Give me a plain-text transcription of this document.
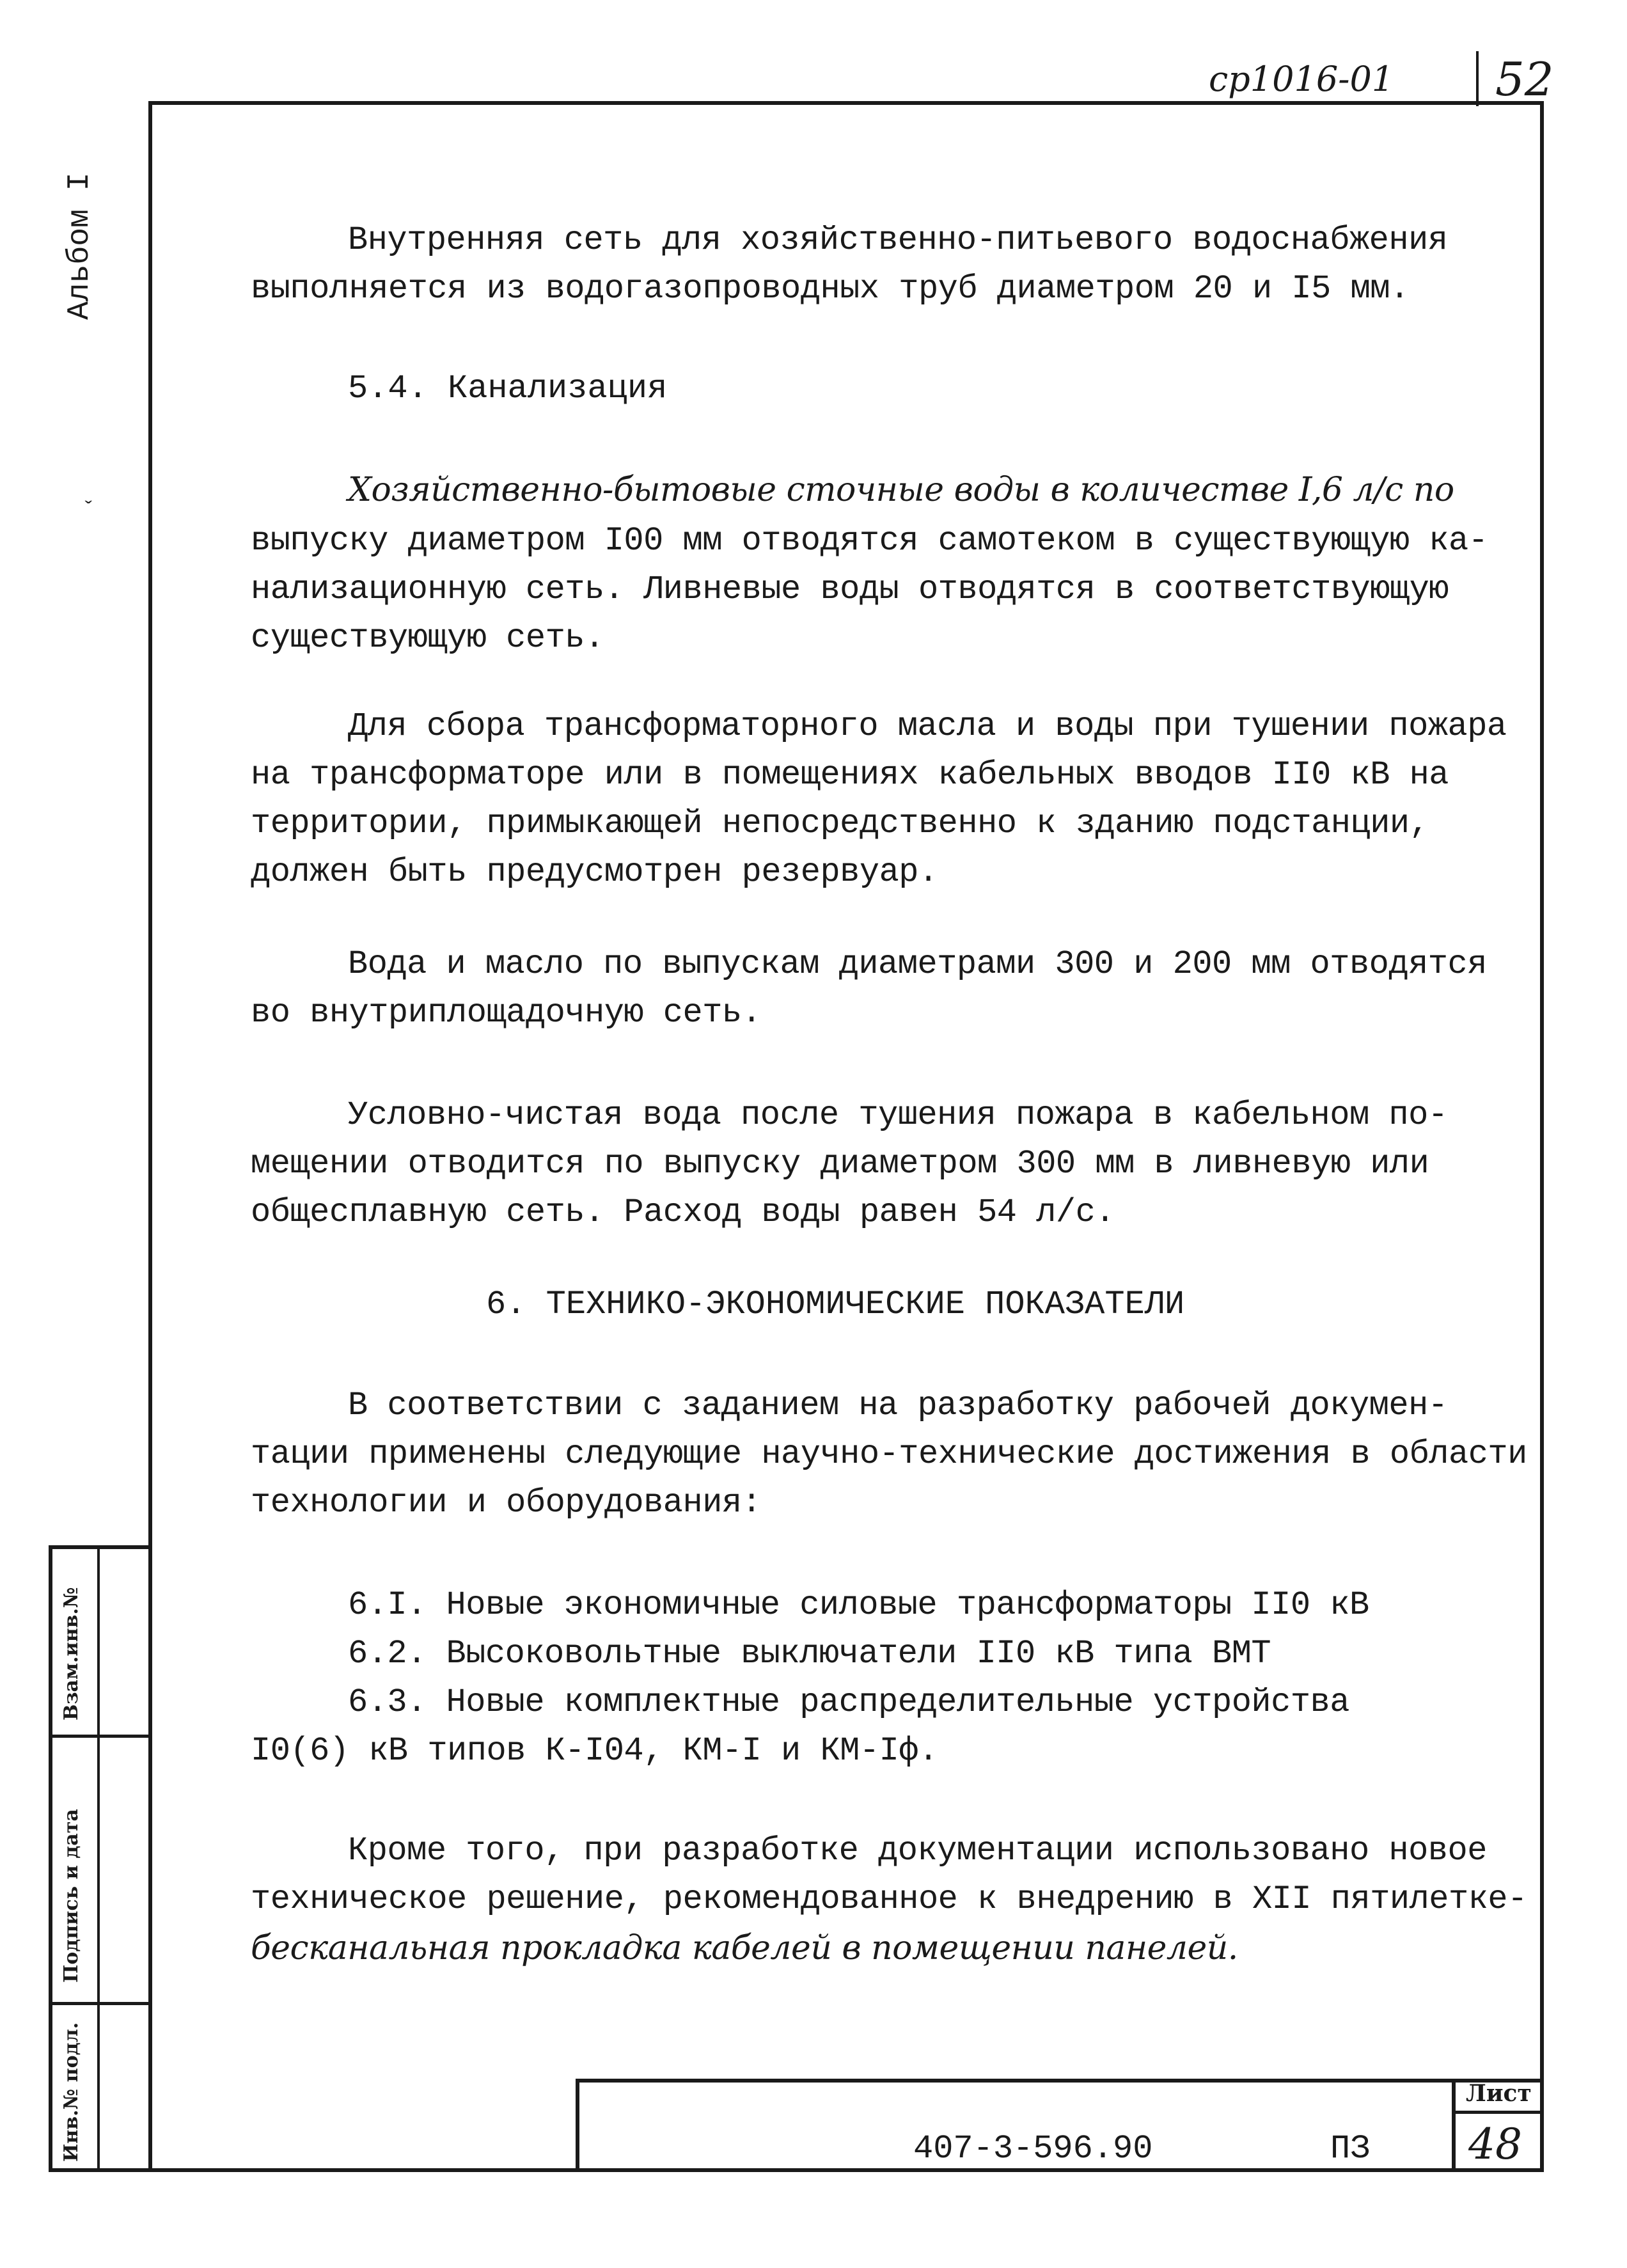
ср1016-01 52
Альбом I
ˇ
Внутренняя сеть для хозяйственно-питьевого водоснабжения
выполняется из водогазопроводных труб диаметром 20 и I5 мм.
5.4. Канализация
Хозяйственно-бытовые сточные воды в количестве I,6 л/с по
выпуску диаметром I00 мм отводятся самотеком в существующую ка-
нализационную сеть. Ливневые воды отводятся в соответствующую
существующую сеть.
Для сбора трансформаторного масла и воды при тушении пожара
на трансформаторе или в помещениях кабельных вводов II0 кВ на
территории, примыкающей непосредственно к зданию подстанции,
должен быть предусмотрен резервуар.
Вода и масло по выпускам диаметрами 300 и 200 мм отводятся
во внутриплощадочную сеть.
Условно-чистая вода после тушения пожара в кабельном по-
мещении отводится по выпуску диаметром 300 мм в ливневую или
общесплавную сеть. Расход воды равен 54 л/с.
6. ТЕХНИКО-ЭКОНОМИЧЕСКИЕ ПОКАЗАТЕЛИ
В соответствии с заданием на разработку рабочей докумен-
тации применены следующие научно-технические достижения в области
технологии и оборудования:
6.I. Новые экономичные силовые трансформаторы II0 кВ
6.2. Высоковольтные выключатели II0 кВ типа ВМТ
6.3. Новые комплектные распределительные устройства
I0(6) кВ типов К-I04, КМ-I и КМ-Iф.
Кроме того, при разработке документации использовано новое
техническое решение, рекомендованное к внедрению в XII пятилетке-
бесканальная прокладка кабелей в помещении панелей.
Взам.инв.№
Подпись и дата
Инв.№ подл.	407-3-596.90	ПЗ
Лист
48
